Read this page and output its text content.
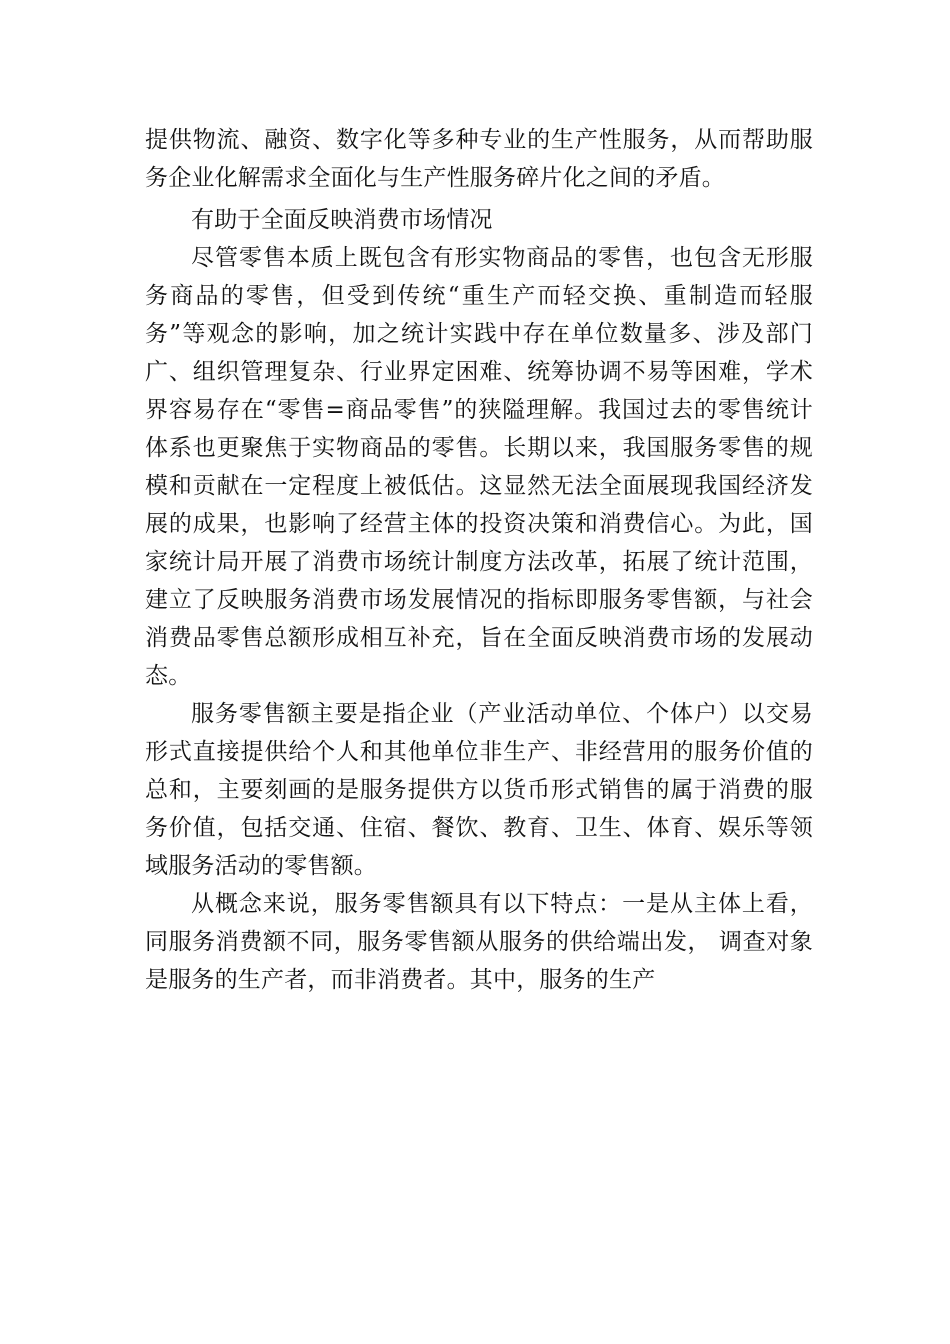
提供物流、融资、数字化等多种专业的生产性服务，从而帮助服务企业化解需求全面化与生产性服务碎片化之间的矛盾。

有助于全面反映消费市场情况

尽管零售本质上既包含有形实物商品的零售，也包含无形服务商品的零售，但受到传统“重生产而轻交换、重制造而轻服务”等观念的影响，加之统计实践中存在单位数量多、涉及部门广、组织管理复杂、行业界定困难、统筹协调不易等困难，学术界容易存在“零售=商品零售”的狭隘理解。我国过去的零售统计体系也更聚焦于实物商品的零售。长期以来，我国服务零售的规模和贡献在一定程度上被低估。这显然无法全面展现我国经济发展的成果，也影响了经营主体的投资决策和消费信心。为此，国家统计局开展了消费市场统计制度方法改革，拓展了统计范围，建立了反映服务消费市场发展情况的指标即服务零售额，与社会消费品零售总额形成相互补充，旨在全面反映消费市场的发展动态。

服务零售额主要是指企业（产业活动单位、个体户）以交易形式直接提供给个人和其他单位非生产、非经营用的服务价值的总和，主要刻画的是服务提供方以货币形式销售的属于消费的服务价值，包括交通、住宿、餐饮、教育、卫生、体育、娱乐等领域服务活动的零售额。

从概念来说，服务零售额具有以下特点：一是从主体上看，同服务消费额不同，服务零售额从服务的供给端出发， 调查对象是服务的生产者，而非消费者。其中，服务的生产
